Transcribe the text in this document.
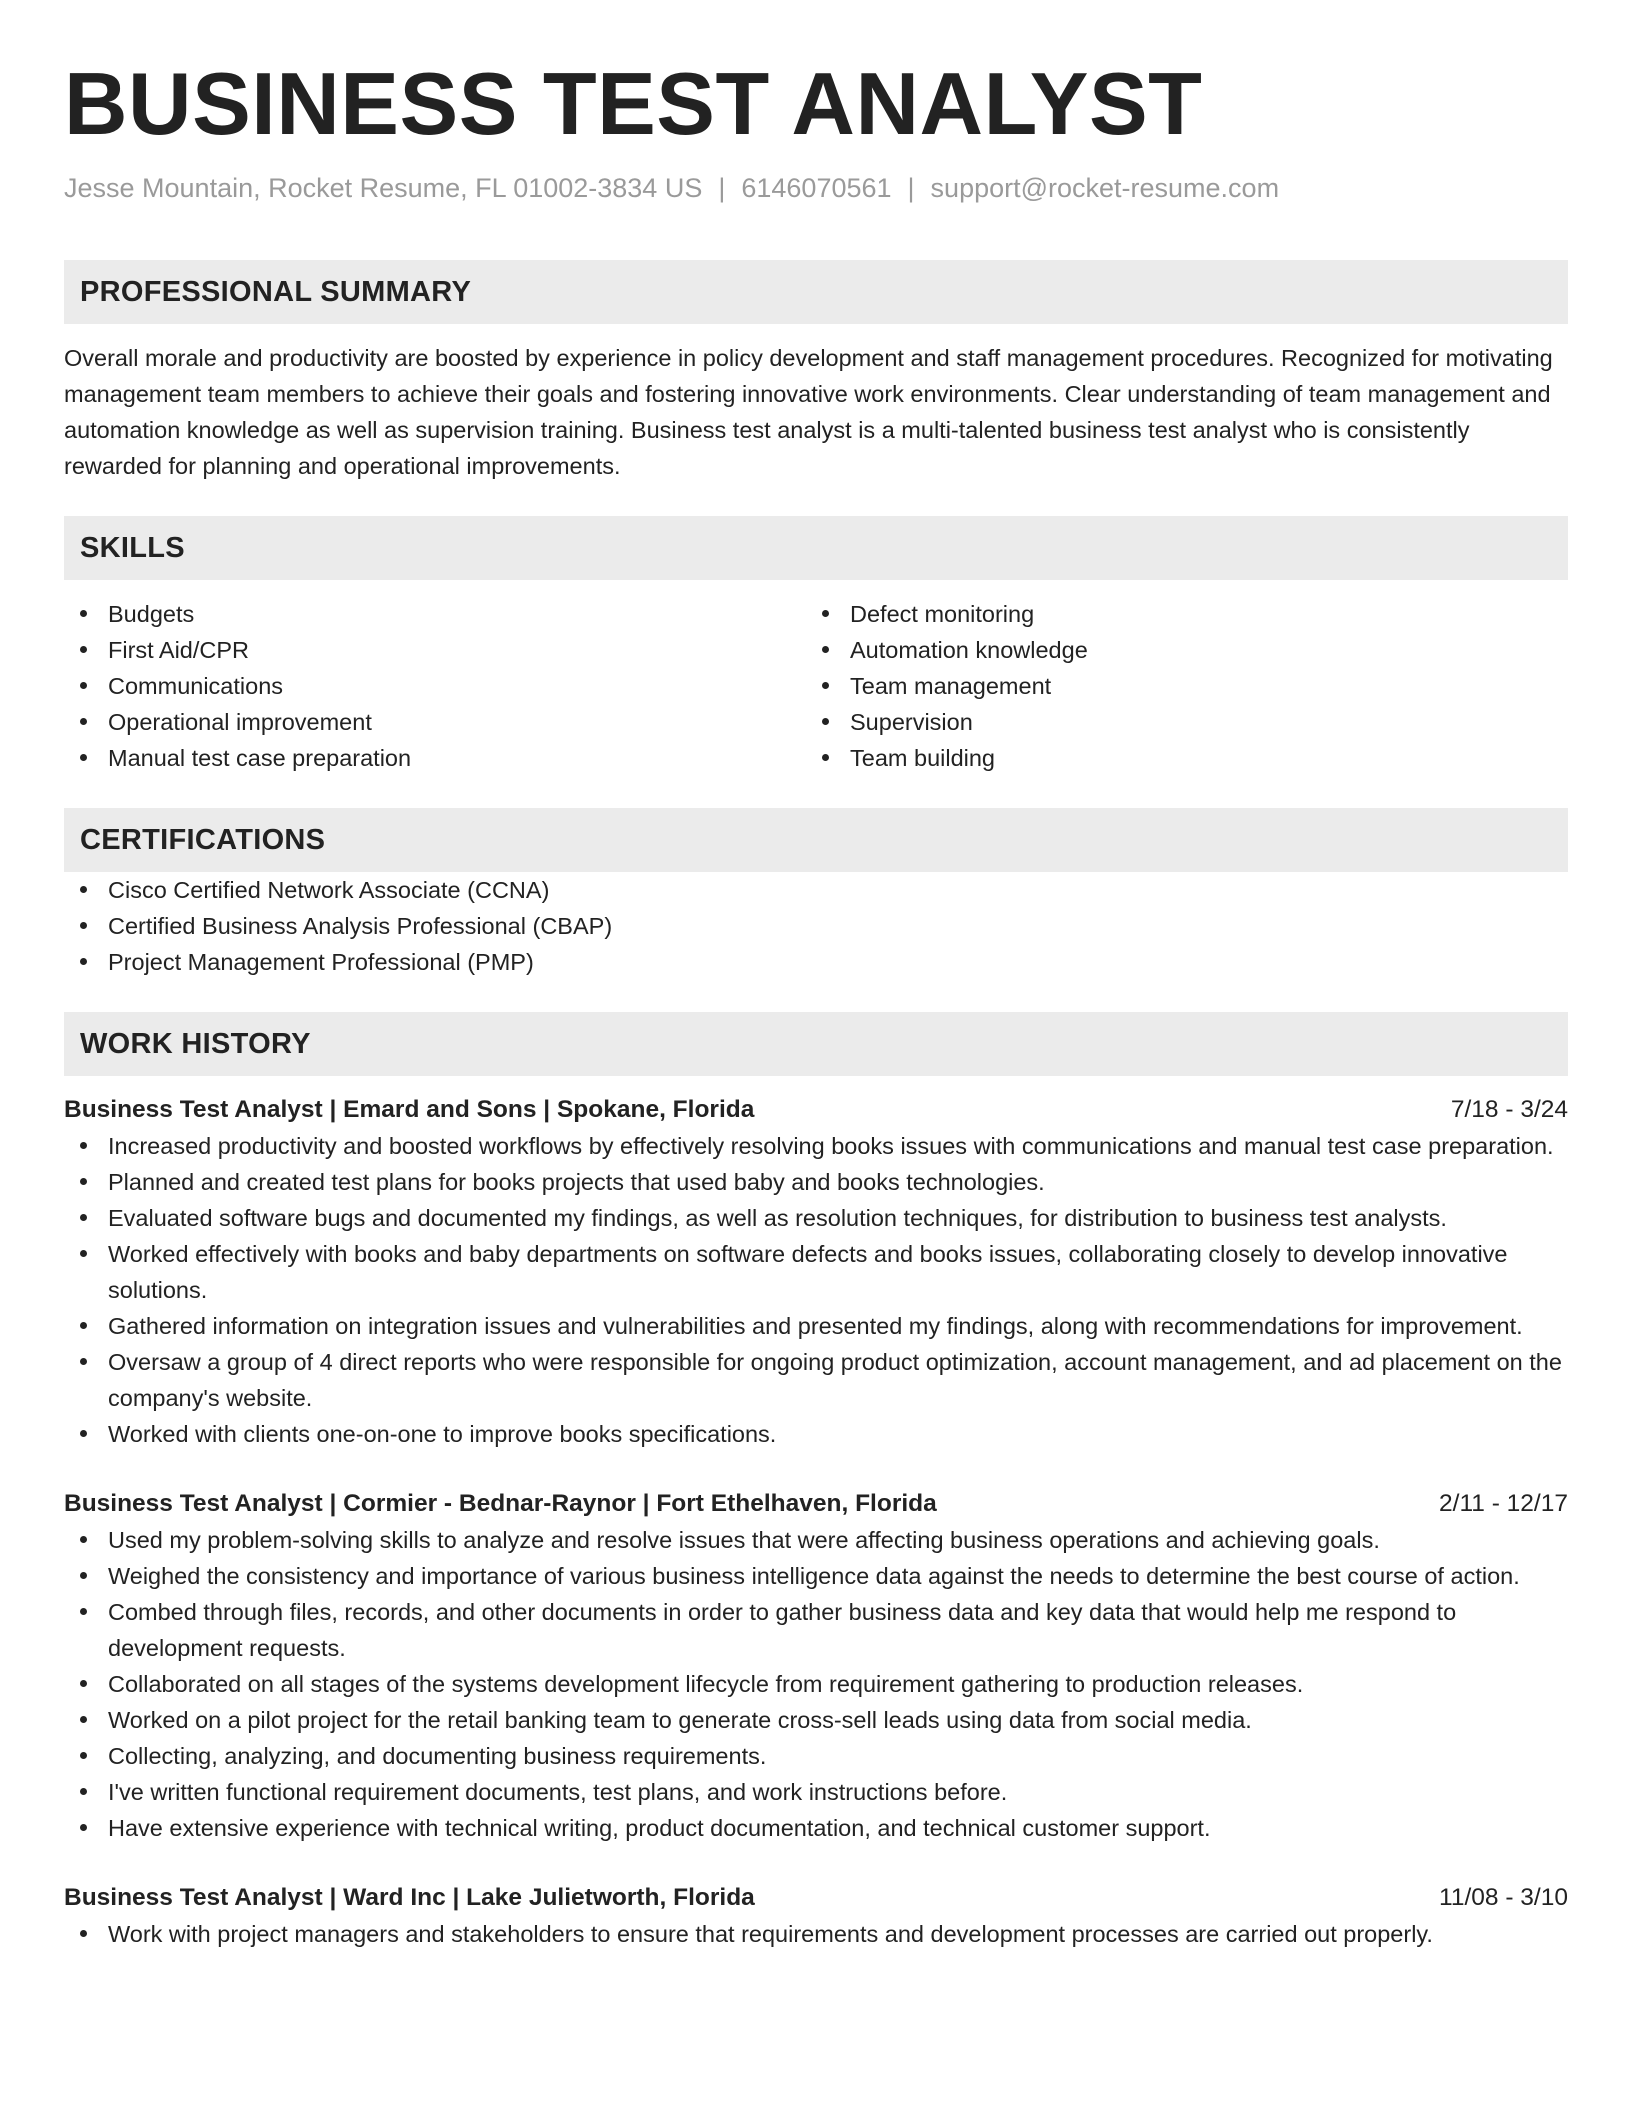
BUSINESS TEST ANALYST
Jesse Mountain, Rocket Resume, FL 01002-3834 US | 6146070561 | support@rocket-resume.com
PROFESSIONAL SUMMARY

Overall morale and productivity are boosted by experience in policy development and staff management procedures. Recognized for motivating management team members to achieve their goals and fostering innovative work environments. Clear understanding of team management and automation knowledge as well as supervision training. Business test analyst is a multi-talented business test analyst who is consistently rewarded for planning and operational improvements.

SKILLS
Budgets
First Aid/CPR
Communications
Operational improvement
Manual test case preparation
Defect monitoring
Automation knowledge
Team management
Supervision
Team building
CERTIFICATIONS
Cisco Certified Network Associate (CCNA)
Certified Business Analysis Professional (CBAP)
Project Management Professional (PMP)
WORK HISTORY
Business Test Analyst | Emard and Sons | Spokane, Florida	7/18 - 3/24
Increased productivity and boosted workflows by effectively resolving books issues with communications and manual test case preparation.
Planned and created test plans for books projects that used baby and books technologies.
Evaluated software bugs and documented my findings, as well as resolution techniques, for distribution to business test analysts.
Worked effectively with books and baby departments on software defects and books issues, collaborating closely to develop innovative solutions.
Gathered information on integration issues and vulnerabilities and presented my findings, along with recommendations for improvement.
Oversaw a group of 4 direct reports who were responsible for ongoing product optimization, account management, and ad placement on the company's website.
Worked with clients one-on-one to improve books specifications.
Business Test Analyst | Cormier - Bednar-Raynor | Fort Ethelhaven, Florida	2/11 - 12/17
Used my problem-solving skills to analyze and resolve issues that were affecting business operations and achieving goals.
Weighed the consistency and importance of various business intelligence data against the needs to determine the best course of action.
Combed through files, records, and other documents in order to gather business data and key data that would help me respond to development requests.
Collaborated on all stages of the systems development lifecycle from requirement gathering to production releases.
Worked on a pilot project for the retail banking team to generate cross-sell leads using data from social media.
Collecting, analyzing, and documenting business requirements.
I've written functional requirement documents, test plans, and work instructions before.
Have extensive experience with technical writing, product documentation, and technical customer support.
Business Test Analyst | Ward Inc | Lake Julietworth, Florida	11/08 - 3/10
Work with project managers and stakeholders to ensure that requirements and development processes are carried out properly.
